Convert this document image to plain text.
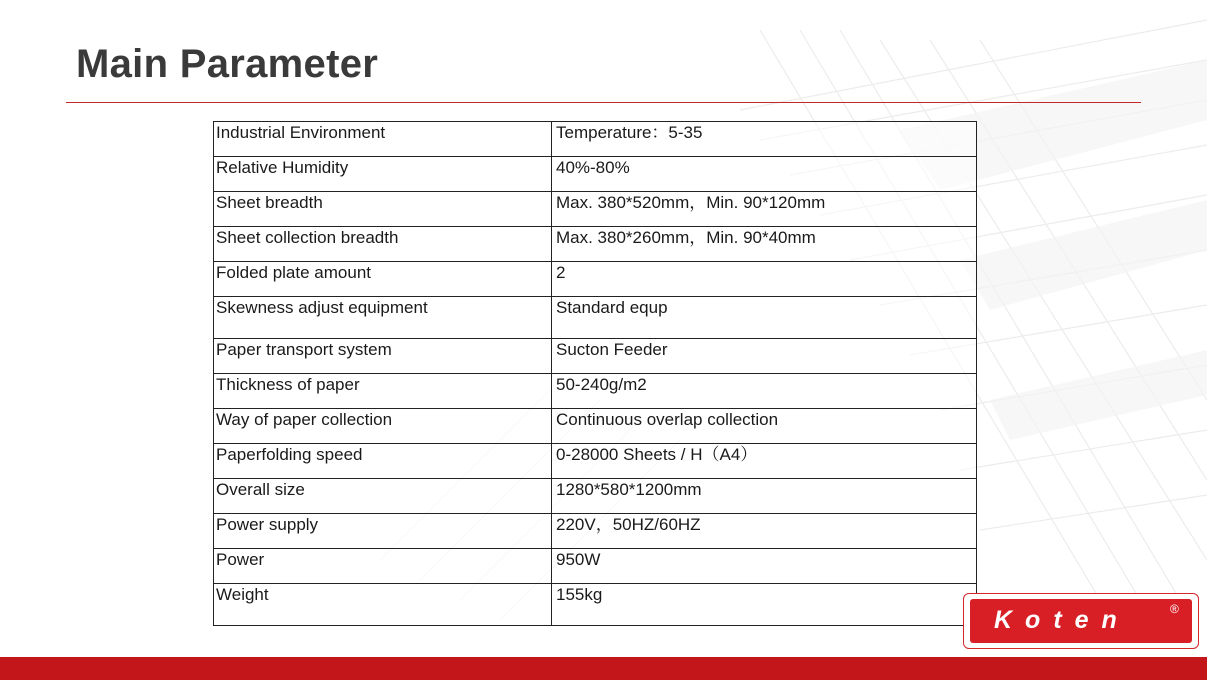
Main Parameter
Industrial Environment	Temperature：5-35
Relative Humidity	40%-80%
Sheet breadth	Max. 380*520mm，Min. 90*120mm
Sheet collection breadth	Max. 380*260mm，Min. 90*40mm
Folded plate amount	2
Skewness adjust equipment	Standard equp
Paper transport system	Sucton Feeder
Thickness of paper	50-240g/m2
Way of paper collection	Continuous overlap collection
Paperfolding speed	0-28000 Sheets / H（A4）
Overall size	1280*580*1200mm
Power supply	220V，50HZ/60HZ
Power	950W
Weight	155kg
Koten	®
